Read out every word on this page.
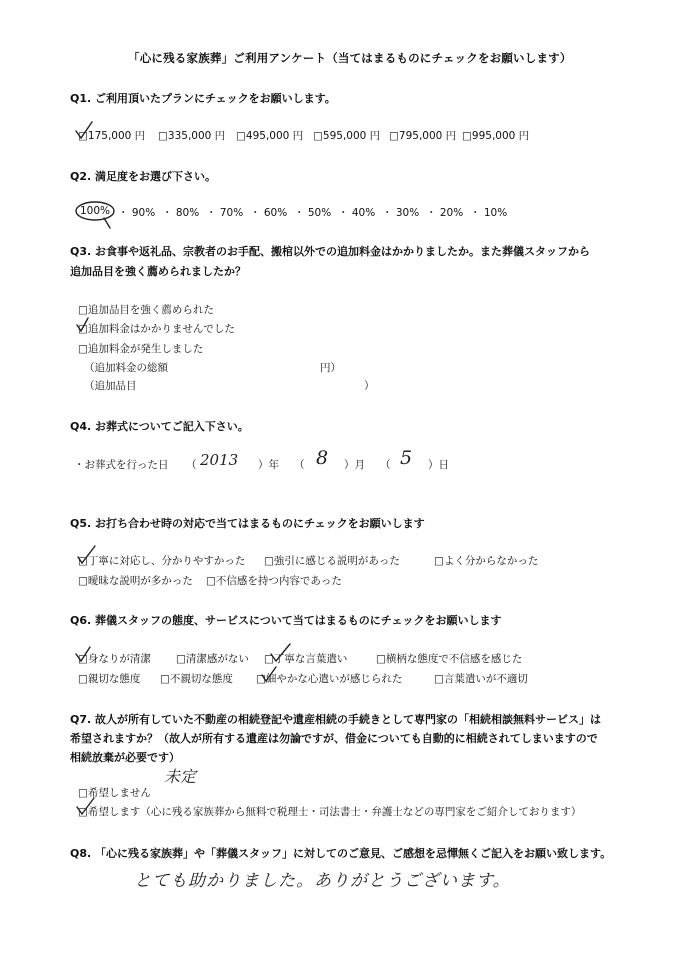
「心に残る家族葬」ご利用アンケート（当てはまるものにチェックをお願いします）
Q1. ご利用頂いたプランにチェックをお願いします。
□175,000 円 □335,000 円 □495,000 円 □595,000 円 □795,000 円 □995,000 円
Q2. 満足度をお選び下さい。
100% ・ 90% ・ 80% ・ 70% ・ 60% ・ 50% ・ 40% ・ 30% ・ 20% ・ 10%
Q3. お食事や返礼品、宗教者のお手配、搬棺以外での追加料金はかかりましたか。また葬儀スタッフから
追加品目を強く薦められましたか？
□追加品目を強く薦められた
□追加料金はかかりませんでした
□追加料金が発生しました
（追加料金の総額	円）
（追加品目	）
Q4. お葬式についてご記入下さい。
・お葬式を行った日 （ 2013 ）年 （ 8 ）月 （ 5 ）日
Q5. お打ち合わせ時の対応で当てはまるものにチェックをお願いします
□丁寧に対応し、分かりやすかった □強引に感じる説明があった	□よく分からなかった
□曖昧な説明が多かった □不信感を持つ内容であった
Q6. 葬儀スタッフの態度、サービスについて当てはまるものにチェックをお願いします
□身なりが清潔 □清潔感がない □丁寧な言葉遣い	□横柄な態度で不信感を感じた
□親切な態度 □不親切な態度 □細やかな心遣いが感じられた	□言葉遣いが不適切
Q7. 故人が所有していた不動産の相続登記や遺産相続の手続きとして専門家の「相続相談無料サービス」は
希望されますか？（故人が所有する遺産は勿論ですが、借金についても自動的に相続されてしまいますので
相続放棄が必要です）
未定
□希望しません
□希望します（心に残る家族葬から無料で税理士・司法書士・弁護士などの専門家をご紹介しております）
Q8. 「心に残る家族葬」や「葬儀スタッフ」に対してのご意見、ご感想を忌憚無くご記入をお願い致します。
とても助かりました。ありがとうございます。
